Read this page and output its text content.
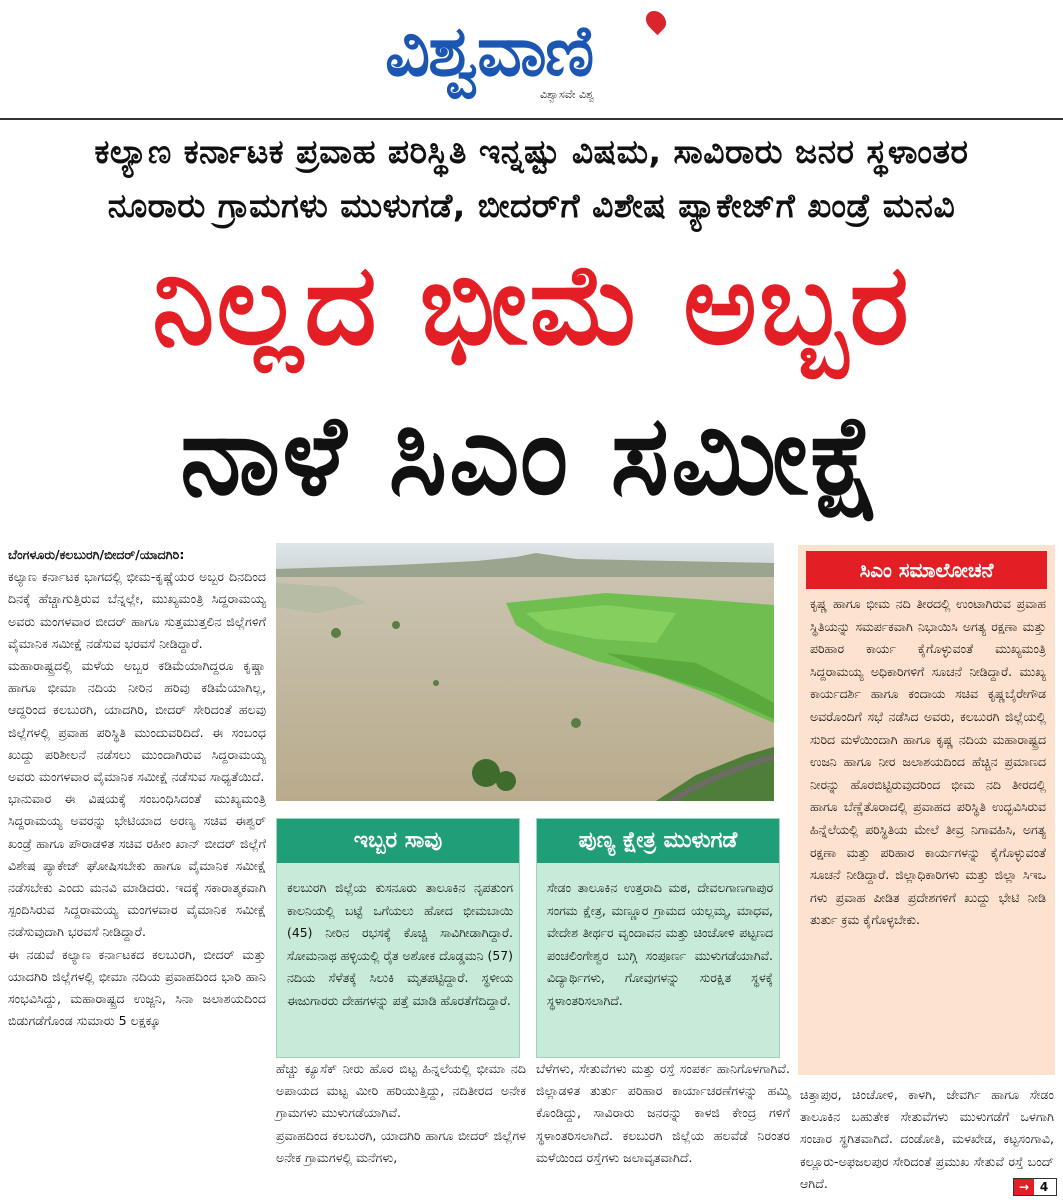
ವಿಶ್ವವಾಣಿ
ವಿಶ್ವಾಸವೇ ವಿಶ್ವ
ಕಲ್ಯಾಣ ಕರ್ನಾಟಕ ಪ್ರವಾಹ ಪರಿಸ್ಥಿತಿ ಇನ್ನಷ್ಟು ವಿಷಮ, ಸಾವಿರಾರು ಜನರ ಸ್ಥಳಾಂತರ
ನೂರಾರು ಗ್ರಾಮಗಳು ಮುಳುಗಡೆ, ಬೀದರ್‌ಗೆ ವಿಶೇಷ ಪ್ಯಾಕೇಜ್‌ಗೆ ಖಂಡ್ರೆ ಮನವಿ
ನಿಲ್ಲದ ಭೀಮೆ ಅಬ್ಬರ
ನಾಳೆ ಸಿಎಂ ಸಮೀಕ್ಷೆ

ಬೆಂಗಳೂರು/ಕಲಬುರಗಿ/ಬೀದರ್/ಯಾದಗಿರಿ:

ಕಲ್ಯಾಣ ಕರ್ನಾಟಕ ಭಾಗದಲ್ಲಿ ಭೀಮ-ಕೃಷ್ಣೆಯರ ಅಬ್ಬರ ದಿನದಿಂದ ದಿನಕ್ಕೆ ಹೆಚ್ಚಾಗುತ್ತಿರುವ ಬೆನ್ನಲ್ಲೇ, ಮುಖ್ಯಮಂತ್ರಿ ಸಿದ್ದರಾಮಯ್ಯ ಅವರು ಮಂಗಳವಾರ ಬೀದರ್ ಹಾಗೂ ಸುತ್ತಮುತ್ತಲಿನ ಜಿಲ್ಲೆಗಳಿಗೆ ವೈಮಾನಿಕ ಸಮೀಕ್ಷೆ ನಡೆಸುವ ಭರವಸೆ ನೀಡಿದ್ದಾರೆ.

ಮಹಾರಾಷ್ಟ್ರದಲ್ಲಿ ಮಳೆಯ ಅಬ್ಬರ ಕಡಿಮೆಯಾಗಿದ್ದರೂ ಕೃಷ್ಣಾ ಹಾಗೂ ಭೀಮಾ ನದಿಯ ನೀರಿನ ಹರಿವು ಕಡಿಮೆಯಾಗಿಲ್ಲ, ಆದ್ದರಿಂದ ಕಲಬುರಗಿ, ಯಾದಗಿರಿ, ಬೀದರ್ ಸೇರಿದಂತೆ ಹಲವು ಜಿಲ್ಲೆಗಳಲ್ಲಿ ಪ್ರವಾಹ ಪರಿಸ್ಥಿತಿ ಮುಂದುವರಿದಿದೆ. ಈ ಸಂಬಂಧ ಖುದ್ದು ಪರಿಶೀಲನೆ ನಡೆಸಲು ಮುಂದಾಗಿರುವ ಸಿದ್ದರಾಮಯ್ಯ ಅವರು ಮಂಗಳವಾರ ವೈಮಾನಿಕ ಸಮೀಕ್ಷೆ ನಡೆಸುವ ಸಾಧ್ಯತೆಯಿದೆ.

ಭಾನುವಾರ ಈ ವಿಷಯಕ್ಕೆ ಸಂಬಂಧಿಸಿದಂತೆ ಮುಖ್ಯಮಂತ್ರಿ ಸಿದ್ದರಾಮಯ್ಯ ಅವರನ್ನು ಭೇಟಿಯಾದ ಅರಣ್ಯ ಸಚಿವ ಈಶ್ವರ್ ಖಂಡ್ರೆ ಹಾಗೂ ಪೌರಾಡಳಿತ ಸಚಿವ ರಹೀಂ ಖಾನ್ ಬೀದರ್ ಜಿಲ್ಲೆಗೆ ವಿಶೇಷ ಪ್ಯಾಕೇಜ್ ಘೋಷಿಸಬೇಕು ಹಾಗೂ ವೈಮಾನಿಕ ಸಮೀಕ್ಷೆ ನಡೆಸಬೇಕು ಎಂದು ಮನವಿ ಮಾಡಿದರು. ಇದಕ್ಕೆ ಸಕಾರಾತ್ಮಕವಾಗಿ ಸ್ಪಂದಿಸಿರುವ ಸಿದ್ದರಾಮಯ್ಯ ಮಂಗಳವಾರ ವೈಮಾನಿಕ ಸಮೀಕ್ಷೆ ನಡೆಸುವುದಾಗಿ ಭರವಸೆ ನೀಡಿದ್ದಾರೆ.

ಈ ನಡುವೆ ಕಲ್ಯಾಣ ಕರ್ನಾಟಕದ ಕಲಬುರಗಿ, ಬೀದರ್ ಮತ್ತು ಯಾದಗಿರಿ ಜಿಲ್ಲೆಗಳಲ್ಲಿ ಭೀಮಾ ನದಿಯ ಪ್ರವಾಹದಿಂದ ಭಾರಿ ಹಾನಿ ಸಂಭವಿಸಿದ್ದು, ಮಹಾರಾಷ್ಟ್ರದ ಉಜ್ಜನಿ, ಸಿನಾ ಜಲಾಶಯದಿಂದ ಬಿಡುಗಡೆಗೊಂಡ ಸುಮಾರು 5 ಲಕ್ಷಕ್ಕೂ

ಇಬ್ಬರ ಸಾವು
ಕಲಬುರಗಿ ಜಿಲ್ಲೆಯ ಕುಸನೂರು ತಾಲೂಕಿನ ನೃಪತುಂಗ ಕಾಲನಿಯಲ್ಲಿ ಬಟ್ಟೆ ಒಗೆಯಲು ಹೋದ ಭೀಮಬಾಯಿ (45) ನೀರಿನ ರಭಸಕ್ಕೆ ಕೊಚ್ಚಿ ಸಾವಿಗೀಡಾಗಿದ್ದಾರೆ. ಸೋಮನಾಥ ಹಳ್ಳಿಯಲ್ಲಿ ರೈತ ಅಶೋಕ ದೊಡ್ಡಮನಿ (57) ನದಿಯ ಸೆಳೆತಕ್ಕೆ ಸಿಲುಕಿ ಮೃತಪಟ್ಟಿದ್ದಾರೆ. ಸ್ಥಳೀಯ ಈಜುಗಾರರು ದೇಹಗಳನ್ನು ಪತ್ತೆ ಮಾಡಿ ಹೊರತೆಗೆದಿದ್ದಾರೆ.
ಪುಣ್ಯ ಕ್ಷೇತ್ರ ಮುಳುಗಡೆ
ಸೇಡಂ ತಾಲೂಕಿನ ಉತ್ತರಾದಿ ಮಠ, ದೇವಲಗಾಣಗಾಪುರ ಸಂಗಮ ಕ್ಷೇತ್ರ, ಮಣ್ಣೂರ ಗ್ರಾಮದ ಯಲ್ಲಮ್ಮ, ಮಾಧವ, ವೇದೇಶ ತೀರ್ಥರ ವೃಂದಾವನ ಮತ್ತು ಚಿಂಚೋಳಿ ಪಟ್ಟಣದ ಪಂಚಲಿಂಗೇಶ್ವರ ಬುಗ್ಗಿ ಸಂಪೂರ್ಣ ಮುಳುಗಡೆಯಾಗಿವೆ. ವಿದ್ಯಾರ್ಥಿಗಳು, ಗೋವುಗಳನ್ನು ಸುರಕ್ಷಿತ ಸ್ಥಳಕ್ಕೆ ಸ್ಥಳಾಂತರಿಸಲಾಗಿದೆ.

ಹೆಚ್ಚು ಕ್ಯೂಸೆಕ್ ನೀರು ಹೊರ ಬಿಟ್ಟ ಹಿನ್ನಲೆಯಲ್ಲಿ ಭೀಮಾ ನದಿ ಅಪಾಯದ ಮಟ್ಟ ಮೀರಿ ಹರಿಯುತ್ತಿದ್ದು, ನದಿತೀರದ ಅನೇಕ ಗ್ರಾಮಗಳು ಮುಳುಗಡೆಯಾಗಿವೆ.

ಪ್ರವಾಹದಿಂದ ಕಲಬುರಗಿ, ಯಾದಗಿರಿ ಹಾಗೂ ಬೀದರ್ ಜಿಲ್ಲೆಗಳ ಅನೇಕ ಗ್ರಾಮಗಳಲ್ಲಿ ಮನೆಗಳು,

ಬೆಳೆಗಳು, ಸೇತುವೆಗಳು ಮತ್ತು ರಸ್ತೆ ಸಂಪರ್ಕ ಹಾನಿಗೊಳಗಾಗಿವೆ. ಜಿಲ್ಲಾಡಳಿತ ತುರ್ತು ಪರಿಹಾರ ಕಾರ್ಯಾಚರಣೆಗಳನ್ನು ಹಮ್ಮಿ ಕೊಂಡಿದ್ದು, ಸಾವಿರಾರು ಜನರನ್ನು ಕಾಳಜಿ ಕೇಂದ್ರ ಗಳಿಗೆ ಸ್ಥಳಾಂತರಿಸಲಾಗಿದೆ. ಕಲಬುರಗಿ ಜಿಲ್ಲೆಯ ಹಲವೆಡೆ ನಿರಂತರ ಮಳೆಯಿಂದ ರಸ್ತೆಗಳು ಜಲಾವೃತವಾಗಿದೆ.

ಸಿಎಂ ಸಮಾಲೋಚನೆ
ಕೃಷ್ಣ ಹಾಗೂ ಭೀಮ ನದಿ ತೀರದಲ್ಲಿ ಉಂಟಾಗಿರುವ ಪ್ರವಾಹ ಸ್ಥಿತಿಯನ್ನು ಸಮರ್ಪಕವಾಗಿ ನಿಭಾಯಿಸಿ ಅಗತ್ಯ ರಕ್ಷಣಾ ಮತ್ತು ಪರಿಹಾರ ಕಾರ್ಯ ಕೈಗೊಳ್ಳುವಂತೆ ಮುಖ್ಯಮಂತ್ರಿ ಸಿದ್ದರಾಮಯ್ಯ ಅಧಿಕಾರಿಗಳಿಗೆ ಸೂಚನೆ ನೀಡಿದ್ದಾರೆ. ಮುಖ್ಯ ಕಾರ್ಯದರ್ಶಿ ಹಾಗೂ ಕಂದಾಯ ಸಚಿವ ಕೃಷ್ಣಬೈರೇಗೌಡ ಅವರೊಂದಿಗೆ ಸಭೆ ನಡೆಸಿದ ಅವರು, ಕಲಬುರಗಿ ಜಿಲ್ಲೆಯಲ್ಲಿ ಸುರಿದ ಮಳೆಯಿಂದಾಗಿ ಹಾಗೂ ಕೃಷ್ಣ ನದಿಯ ಮಹಾರಾಷ್ಟ್ರದ ಉಜನಿ ಹಾಗೂ ನೀರ ಜಲಾಶಯದಿಂದ ಹೆಚ್ಚಿನ ಪ್ರಮಾಣದ ನೀರನ್ನು ಹೊರಬಿಟ್ಟಿರುವುದರಿಂದ ಭೀಮ ನದಿ ತೀರದಲ್ಲಿ ಹಾಗೂ ಬೆಣ್ಣೆತೊರಾದಲ್ಲಿ ಪ್ರವಾಹದ ಪರಿಸ್ಥಿತಿ ಉದ್ಭವಿಸಿರುವ ಹಿನ್ನೆಲೆಯಲ್ಲಿ ಪರಿಸ್ಥಿತಿಯ ಮೇಲೆ ತೀವ್ರ ನಿಗಾವಹಿಸಿ, ಅಗತ್ಯ ರಕ್ಷಣಾ ಮತ್ತು ಪರಿಹಾರ ಕಾರ್ಯಗಳನ್ನು ಕೈಗೊಳ್ಳುವಂತೆ ಸೂಚನೆ ನೀಡಿದ್ದಾರೆ. ಜಿಲ್ಲಾಧಿಕಾರಿಗಳು ಮತ್ತು ಜಿಲ್ಲಾ ಸಿಇಒ ಗಳು ಪ್ರವಾಹ ಪೀಡಿತ ಪ್ರದೇಶಗಳಿಗೆ ಖುದ್ದು ಭೇಟಿ ನೀಡಿ ತುರ್ತು ಕ್ರಮ ಕೈಗೊಳ್ಳಬೇಕು.

ಚಿತ್ತಾಪುರ, ಚಿಂಚೋಳಿ, ಕಾಳಗಿ, ಜೇವರ್ಗಿ ಹಾಗೂ ಸೇಡಂ ತಾಲೂಕಿನ ಬಹುತೇಕ ಸೇತುವೆಗಳು ಮುಳುಗಡೆಗೆ ಒಳಗಾಗಿ ಸಂಚಾರ ಸ್ಥಗಿತವಾಗಿದೆ. ದಂಡೋತಿ, ಮಳಖೇಡ, ಕಟ್ಟಸಂಗಾವಿ, ಕಲ್ಲೂರು-ಅಫಜಲಪುರ ಸೇರಿದಂತೆ ಪ್ರಮುಖ ಸೇತುವೆ ರಸ್ತೆ ಬಂದ್ ಆಗಿದೆ.	→ 4
